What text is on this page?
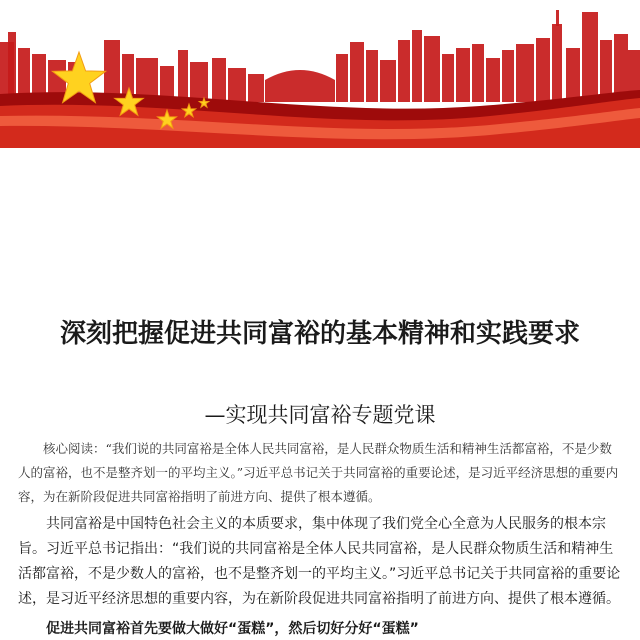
深刻把握促进共同富裕的基本精神和实践要求
—实现共同富裕专题党课

核心阅读：“我们说的共同富裕是全体人民共同富裕，是人民群众物质生活和精神生活都富裕，不是少数人的富裕，也不是整齐划一的平均主义。”习近平总书记关于共同富裕的重要论述，是习近平经济思想的重要内容，为在新阶段促进共同富裕指明了前进方向、提供了根本遵循。

共同富裕是中国特色社会主义的本质要求，集中体现了我们党全心全意为人民服务的根本宗旨。习近平总书记指出：“我们说的共同富裕是全体人民共同富裕，是人民群众物质生活和精神生活都富裕，不是少数人的富裕，也不是整齐划一的平均主义。”习近平总书记关于共同富裕的重要论述，是习近平经济思想的重要内容，为在新阶段促进共同富裕指明了前进方向、提供了根本遵循。

促进共同富裕首先要做大做好“蛋糕”，然后切好分好“蛋糕”
